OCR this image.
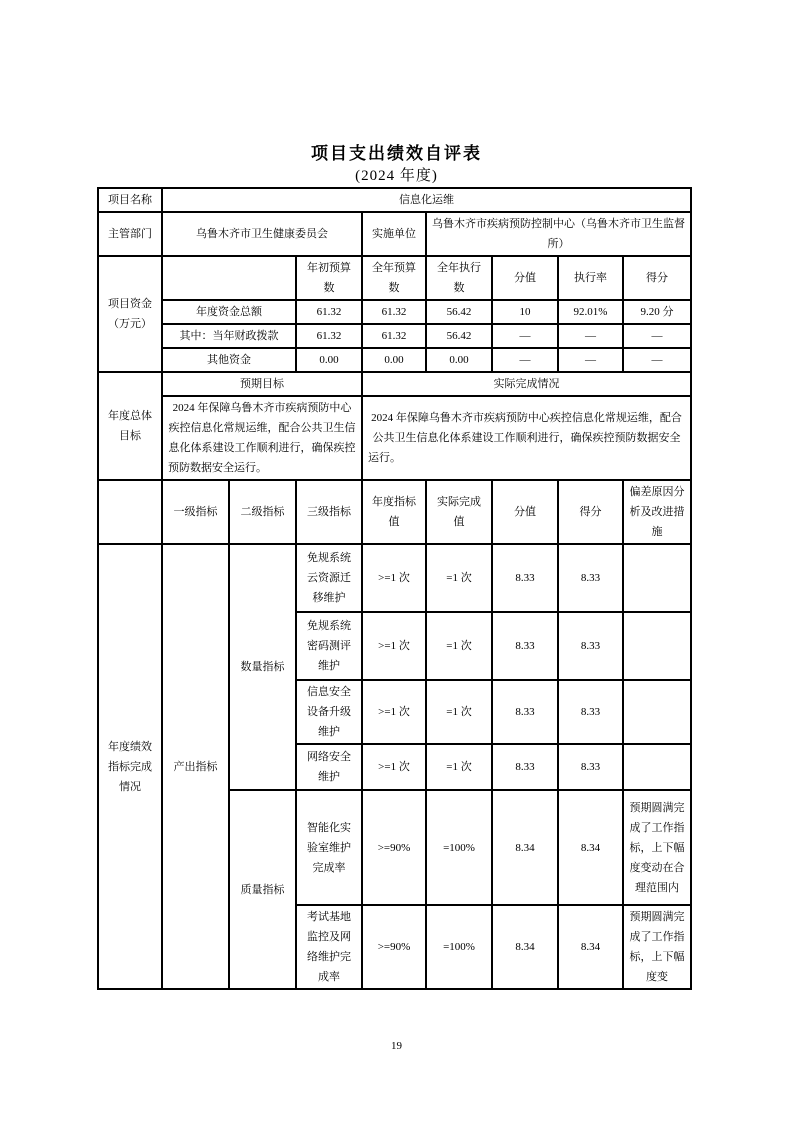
项目支出绩效自评表
(2024 年度)
项目名称	信息化运维							
主管部门	乌鲁木齐市卫生健康委员会			实施单位	乌鲁木齐市疾病预防控制中心（乌鲁木齐市卫生监督所）			
项目资金（万元）			年初预算数	全年预算数	全年执行数	分值	执行率	得分
	年度资金总额		61.32	61.32	56.42	10	92.01%	9.20 分
	其中：当年财政拨款		61.32	61.32	56.42	—	—	—
	其他资金		0.00	0.00	0.00	—	—	—
年度总体目标	预期目标			实际完成情况				
	2024 年保障乌鲁木齐市疾病预防中心疾控信息化常规运维，配合公共卫生信息化体系建设工作顺利进行，确保疾控预防数据安全运行。			2024 年保障乌鲁木齐市疾病预防中心疾控信息化常规运维，配合公共卫生信息化体系建设工作顺利进行，确保疾控预防数据安全运行。				
	一级指标	二级指标	三级指标	年度指标值	实际完成值	分值	得分	偏差原因分析及改进措施
年度绩效指标完成情况	产出指标	数量指标	免规系统云资源迁移维护	>=1 次	=1 次	8.33	8.33	
			免规系统密码测评维护	>=1 次	=1 次	8.33	8.33	
			信息安全设备升级维护	>=1 次	=1 次	8.33	8.33	
			网络安全维护	>=1 次	=1 次	8.33	8.33	
		质量指标	智能化实验室维护完成率	>=90%	=100%	8.34	8.34	预期圆满完成了工作指标，上下幅度变动在合理范围内
			考试基地监控及网络维护完成率	>=90%	=100%	8.34	8.34	预期圆满完成了工作指标，上下幅度变
19
